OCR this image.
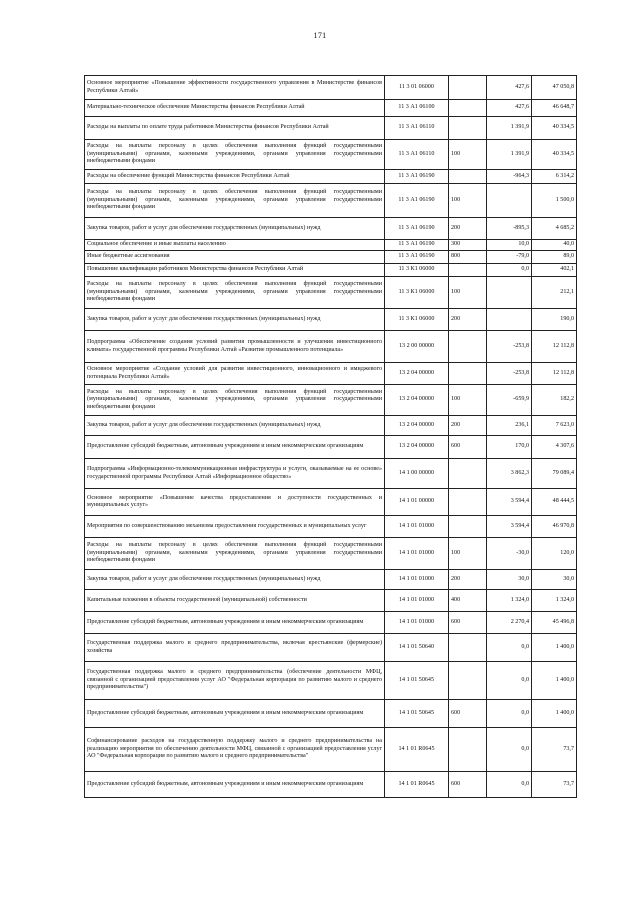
171
Основное мероприятие «Повышение эффективности государственного управления в Министерстве финансов Республики Алтай»	11 3 01 06000		427,6	47 050,8
Материально-техническое обеспечение Министерства финансов Республики Алтай	11 3 А1 06100		427,6	46 648,7
Расходы на выплаты по оплате труда работников Министерства финансов Республики Алтай	11 3 А1 06110		1 391,9	40 334,5
Расходы на выплаты персоналу в целях обеспечения выполнения функций государственными (муниципальными) органами, казенными учреждениями, органами управления государственными внебюджетными фондами	11 3 А1 06110	100	1 391,9	40 334,5
Расходы на обеспечение функций Министерства финансов Республики Алтай	11 3 А1 06190		-964,3	6 314,2
Расходы на выплаты персоналу в целях обеспечения выполнения функций государственными (муниципальными) органами, казенными учреждениями, органами управления государственными внебюджетными фондами	11 3 А1 06190	100		1 500,0
Закупка товаров, работ и услуг для обеспечения государственных (муниципальных) нужд	11 3 А1 06190	200	-895,3	4 685,2
Социальное обеспечение и иные выплаты населению	11 3 А1 06190	300	10,0	40,0
Иные бюджетные ассигнования	11 3 А1 06190	800	-79,0	89,0
Повышение квалификации работников Министерства финансов Республики Алтай	11 3 К1 06000		0,0	402,1
Расходы на выплаты персоналу в целях обеспечения выполнения функций государственными (муниципальными) органами, казенными учреждениями, органами управления государственными внебюджетными фондами	11 3 К1 06000	100		212,1
Закупка товаров, работ и услуг для обеспечения государственных (муниципальных) нужд	11 3 К1 06000	200		190,0
Подпрограмма «Обеспечение создания условий развития промышленности и улучшения инвестиционного климата» государственной программы Республики Алтай «Развитие промышленного потенциала»	13 2 00 00000		-253,8	12 112,8
Основное мероприятие «Создание условий для развития инвестиционного, инновационного и имиджевого потенциала Республики Алтай»	13 2 04 00000		-253,8	12 112,8
Расходы на выплаты персоналу в целях обеспечения выполнения функций государственными (муниципальными) органами, казенными учреждениями, органами управления государственными внебюджетными фондами	13 2 04 00000	100	-659,9	182,2
Закупка товаров, работ и услуг для обеспечения государственных (муниципальных) нужд	13 2 04 00000	200	236,1	7 623,0
Предоставление субсидий бюджетным, автономным учреждениям и иным некоммерческим организациям	13 2 04 00000	600	170,0	4 307,6
Подпрограмма «Информационно-телекоммуникационная инфраструктура и услуги, оказываемые на ее основе» государственной программы Республики Алтай «Информационное общество»	14 1 00 00000		3 862,3	79 089,4
Основное мероприятие «Повышение качества предоставления и доступности государственных и муниципальных услуг»	14 1 01 00000		3 594,4	48 444,5
Мероприятия по совершенствованию механизма предоставления государственных и муниципальных услуг	14 1 01 01000		3 594,4	46 970,8
Расходы на выплаты персоналу в целях обеспечения выполнения функций государственными (муниципальными) органами, казенными учреждениями, органами управления государственными внебюджетными фондами	14 1 01 01000	100	-30,0	120,0
Закупка товаров, работ и услуг для обеспечения государственных (муниципальных) нужд	14 1 01 01000	200	30,0	30,0
Капитальные вложения в объекты государственной (муниципальной) собственности	14 1 01 01000	400	1 324,0	1 324,0
Предоставление субсидий бюджетным, автономным учреждениям и иным некоммерческим организациям	14 1 01 01000	600	2 270,4	45 496,8
Государственная поддержка малого и среднего предпринимательства, включая крестьянские (фермерские) хозяйства	14 1 01 50640		0,0	1 400,0
Государственная поддержка малого и среднего предпринимательства (обеспечение деятельности МФЦ, связанной с организацией предоставления услуг АО "Федеральная корпорация по развитию малого и среднего предпринимательства")	14 1 01 50645		0,0	1 400,0
Предоставление субсидий бюджетным, автономным учреждениям и иным некоммерческим организациям	14 1 01 50645	600	0,0	1 400,0
Софинансирование расходов на государственную поддержку малого и среднего предпринимательства на реализацию мероприятия по обеспечению деятельности МФЦ, связанной с организацией предоставления услуг АО "Федеральная корпорация по развитию малого и среднего предпринимательства"	14 1 01 R0645		0,0	73,7
Предоставление субсидий бюджетным, автономным учреждениям и иным некоммерческим организациям	14 1 01 R0645	600	0,0	73,7
